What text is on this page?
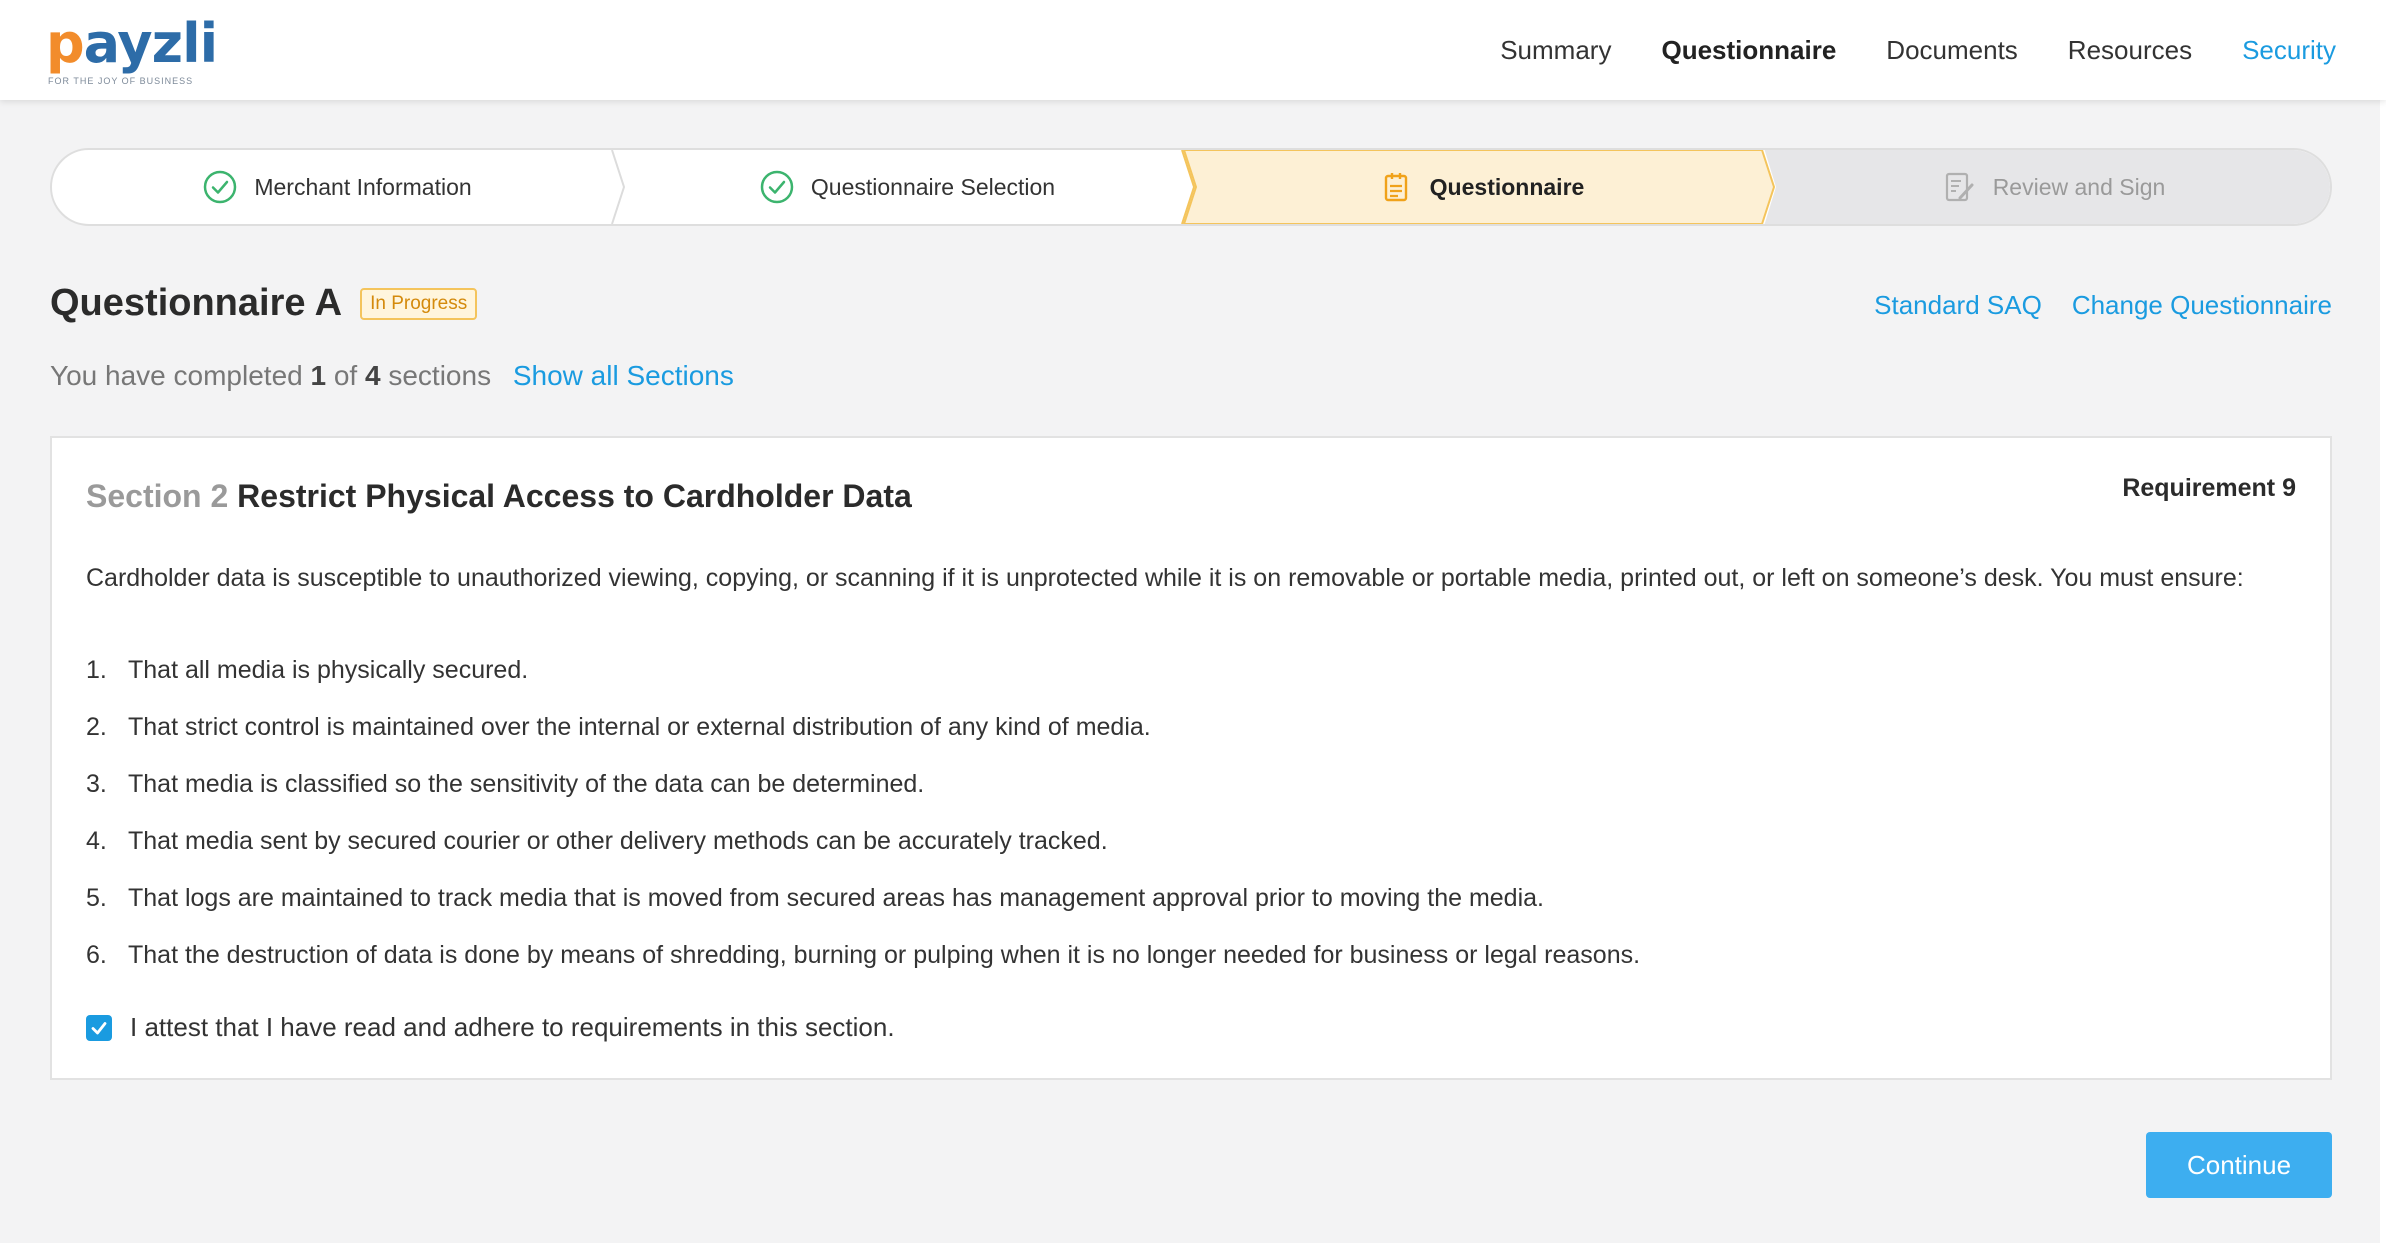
payzli
FOR THE JOY OF BUSINESS
Summary Questionnaire Documents Resources Security
Merchant Information	Questionnaire Selection	Questionnaire	Review and Sign
Questionnaire A	In Progress	Standard SAQ Change Questionnaire
You have completed 1 of 4 sections Show all Sections
Section 2 Restrict Physical Access to Cardholder Data	Requirement 9

Cardholder data is susceptible to unauthorized viewing, copying, or scanning if it is unprotected while it is on removable or portable media, printed out, or left on someone’s desk. You must ensure:

1. That all media is physically secured.
2. That strict control is maintained over the internal or external distribution of any kind of media.
3. That media is classified so the sensitivity of the data can be determined.
4. That media sent by secured courier or other delivery methods can be accurately tracked.
5. That logs are maintained to track media that is moved from secured areas has management approval prior to moving the media.
6. That the destruction of data is done by means of shredding, burning or pulping when it is no longer needed for business or legal reasons.
I attest that I have read and adhere to requirements in this section.
Continue
